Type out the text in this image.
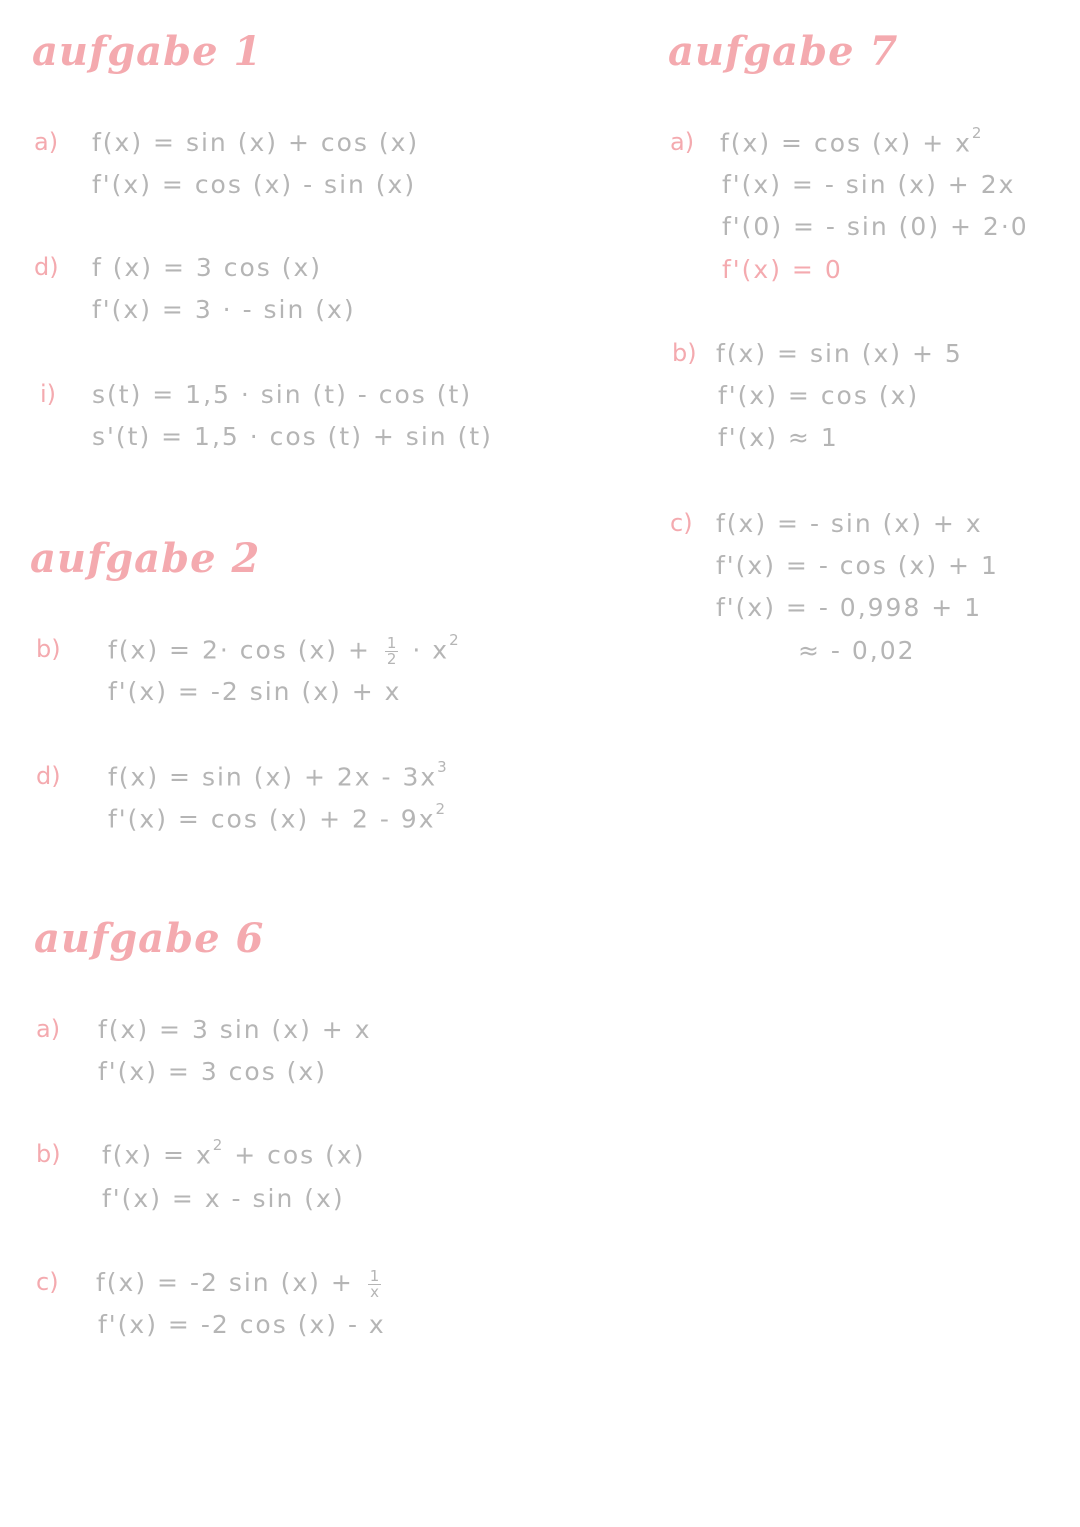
aufgabe 1
a) f(x) = sin (x) + cos (x)
f'(x) = cos (x) - sin (x)
d) f (x) = 3 cos (x)
f'(x) = 3 · - sin (x)
i) s(t) = 1,5 · sin (t) - cos (t)
s'(t) = 1,5 · cos (t) + sin (t)
aufgabe 2
b) $f(x) = 2\cdot \cos (x) + \frac{1}{2} \cdot x^2$
f'(x) = -2 sin (x) + x
d) $f(x) = \sin (x) + 2x - 3x^3$
$f'(x) = \cos (x) + 2 - 9x^2$
aufgabe 6
a) f(x) = 3 sin (x) + x
f'(x) = 3 cos (x)
b) $f(x) = x^2 + \cos (x)$
f'(x) = x - sin (x)
c) f(x) = -2 $\sin (x) + \frac{1}{x}$
f'(x) = -2 cos (x) - x
aufgabe 7
a) $f(x) = \cos (x) + x^2$
f'(x) = - sin (x) + 2x
f'(0) = - sin (0) + 2·0
f'(x) = 0
b) f(x) = sin (x) + 5
f'(x) = cos (x)
f'(x) ≈ 1
c) f(x) = - sin (x) + x
f'(x) = - cos (x) + 1
f'(x) = - 0,998 + 1
≈ - 0,02
